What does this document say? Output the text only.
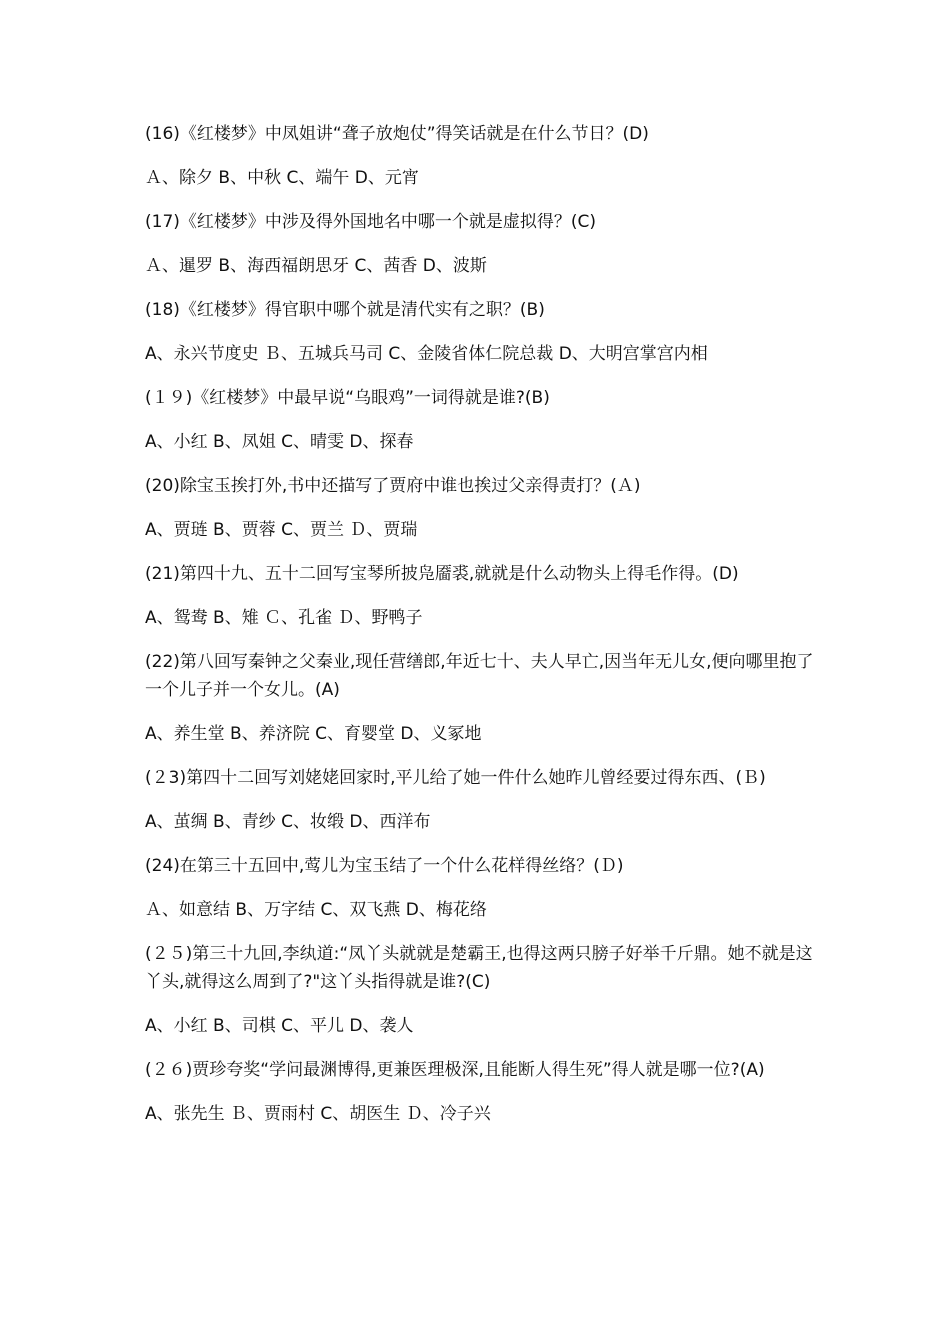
(16)《红楼梦》中凤姐讲“聋子放炮仗”得笑话就是在什么节日？(D)
Ａ、除夕 B、中秋 C、端午 D、元宵
(17)《红楼梦》中涉及得外国地名中哪一个就是虚拟得？(C)
Ａ、暹罗 B、海西福朗思牙 C、茜香 D、波斯
(18)《红楼梦》得官职中哪个就是清代实有之职？(B)
A、永兴节度史 Ｂ、五城兵马司 C、金陵省体仁院总裁 D、大明宫掌宫内相
(１９)《红楼梦》中最早说“乌眼鸡”一词得就是谁?(B)
A、小红 B、凤姐 C、晴雯 D、探春
(20)除宝玉挨打外,书中还描写了贾府中谁也挨过父亲得责打？(Ａ)
A、贾琏 B、贾蓉 C、贾兰 Ｄ、贾瑞
(21)第四十九、五十二回写宝琴所披凫靥裘,就就是什么动物头上得毛作得。(D)
A、鸳鸯 B、雉 Ｃ、孔雀 Ｄ、野鸭子
(22)第八回写秦钟之父秦业,现任营缮郎,年近七十、夫人早亡,因当年无儿女,便向哪里抱了一个儿子并一个女儿。(A)
A、养生堂 B、养济院 C、育婴堂 D、义冢地
(２3)第四十二回写刘姥姥回家时,平儿给了她一件什么她昨儿曾经要过得东西、(Ｂ)
A、茧绸 B、青纱 C、妆缎 D、西洋布
(24)在第三十五回中,莺儿为宝玉结了一个什么花样得丝络？(Ｄ)
Ａ、如意结 B、万字结 C、双飞燕 D、梅花络
(２５)第三十九回,李纨道:“凤丫头就就是楚霸王,也得这两只膀子好举千斤鼎。她不就是这丫头,就得这么周到了?"这丫头指得就是谁?(C)
A、小红 B、司棋 C、平儿 D、袭人
(２６)贾珍夸奖“学问最渊博得,更兼医理极深,且能断人得生死”得人就是哪一位?(A)
A、张先生 Ｂ、贾雨村 C、胡医生 Ｄ、冷子兴
